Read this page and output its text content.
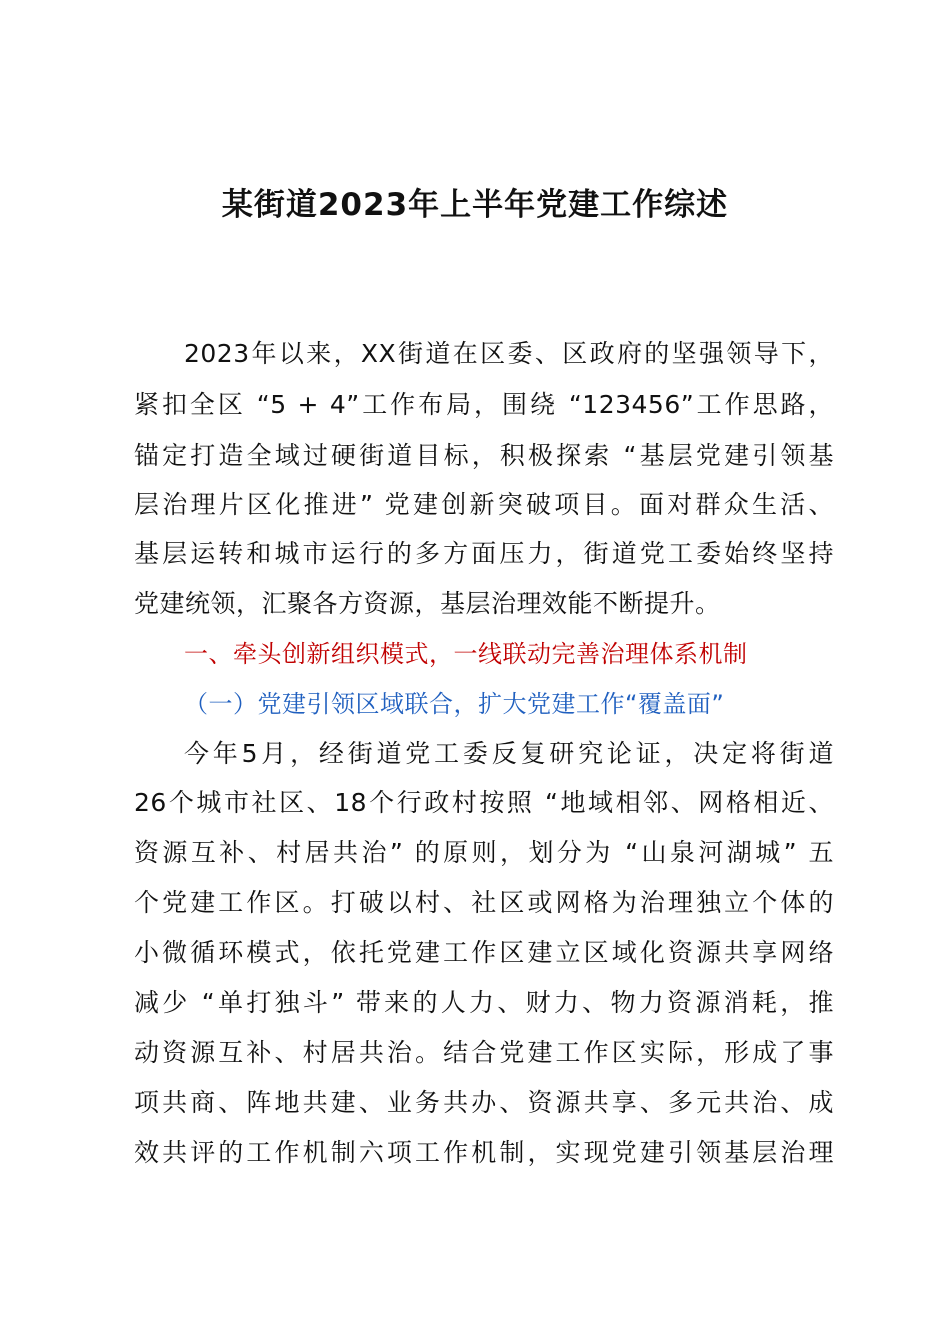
某街道2023年上半年党建工作综述
2023年以来，XX街道在区委、区政府的坚强领导下，
紧扣全区 “5 + 4”工作布局，围绕 “123456”工作思路，
锚定打造全域过硬街道目标，积极探索 “基层党建引领基
层治理片区化推进” 党建创新突破项目。面对群众生活、
基层运转和城市运行的多方面压力，街道党工委始终坚持
党建统领，汇聚各方资源，基层治理效能不断提升。
一、牵头创新组织模式，一线联动完善治理体系机制
（一）党建引领区域联合，扩大党建工作“覆盖面”
今年5月，经街道党工委反复研究论证，决定将街道
26个城市社区、18个行政村按照 “地域相邻、网格相近、
资源互补、村居共治” 的原则，划分为 “山泉河湖城” 五
个党建工作区。打破以村、社区或网格为治理独立个体的
小微循环模式，依托党建工作区建立区域化资源共享网络
减少 “单打独斗” 带来的人力、财力、物力资源消耗，推
动资源互补、村居共治。结合党建工作区实际，形成了事
项共商、阵地共建、业务共办、资源共享、多元共治、成
效共评的工作机制六项工作机制，实现党建引领基层治理
